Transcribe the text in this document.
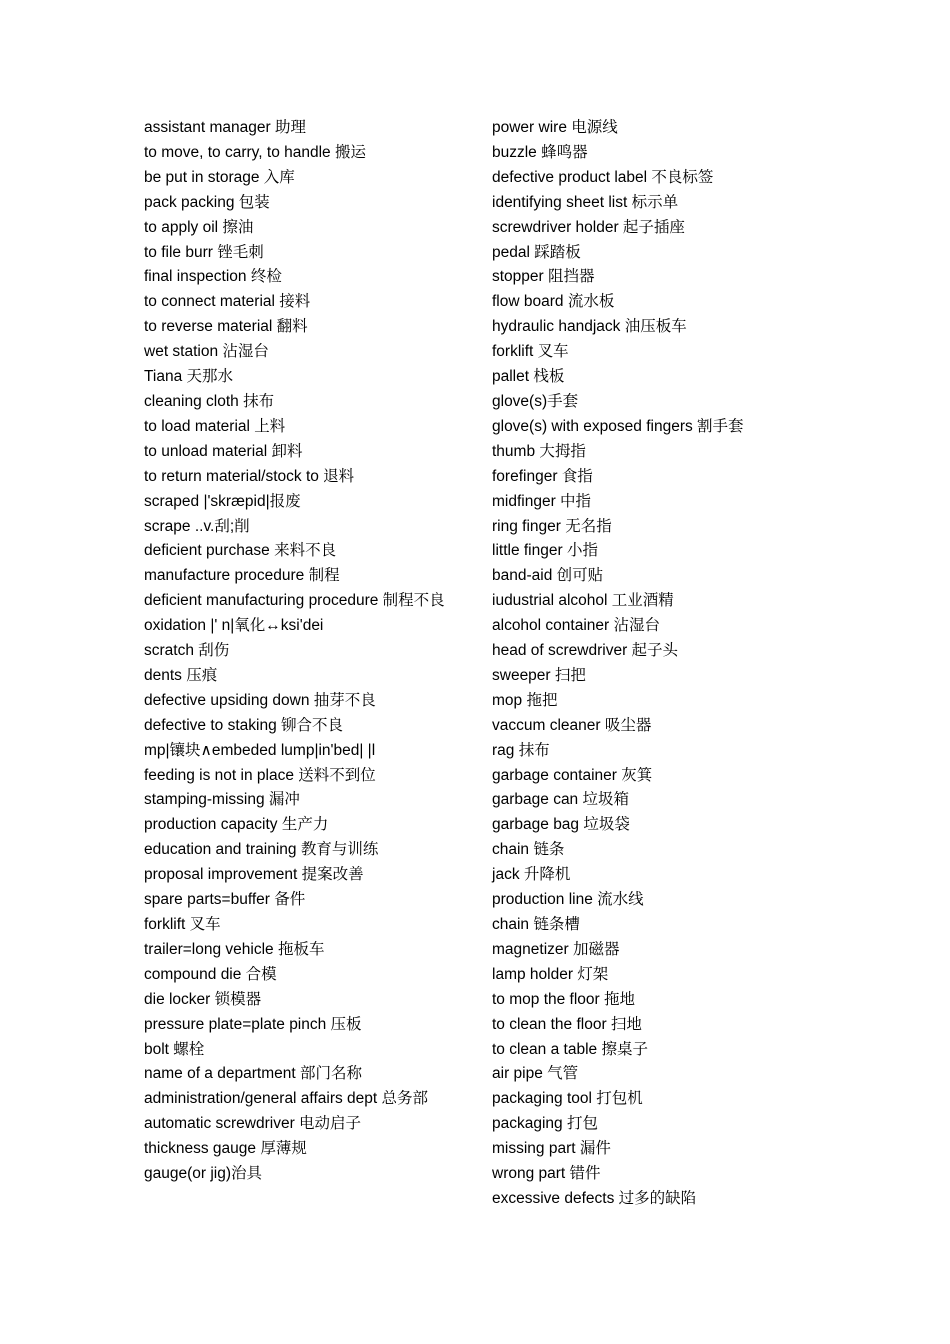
assistant manager 助理
to move, to carry, to handle 搬运
be put in storage 入库
pack packing 包装
to apply oil 擦油
to file burr 锉毛刺
final inspection 终检
to connect material 接料
to reverse material 翻料
wet station 沾湿台
Tiana 天那水
cleaning cloth 抹布
to load material 上料
to unload material 卸料
to return material/stock to 退料
scraped |'skræpid|报废
scrape ..v.刮;削
deficient purchase 来料不良
manufacture procedure 制程
deficient manufacturing procedure 制程不良
oxidation |' n|氧化↔ksi'dei
scratch 刮伤
dents 压痕
defective upsiding down 抽芽不良
defective to staking 铆合不良
mp|镶块∧embeded lump|in'bed| |l
feeding is not in place 送料不到位
stamping-missing 漏冲
production capacity 生产力
education and training 教育与训练
proposal improvement 提案改善
spare parts=buffer 备件
forklift 叉车
trailer=long vehicle 拖板车
compound die 合模
die locker 锁模器
pressure plate=plate pinch 压板
bolt 螺栓
name of a department 部门名称
administration/general affairs dept 总务部
automatic screwdriver 电动启子
thickness gauge 厚薄规
gauge(or jig)治具
power wire 电源线
buzzle 蜂鸣器
defective product label 不良标签
identifying sheet list 标示单
screwdriver holder 起子插座
pedal 踩踏板
stopper 阻挡器
flow board 流水板
hydraulic handjack 油压板车
forklift 叉车
pallet 栈板
glove(s)手套
glove(s) with exposed fingers 割手套
thumb 大拇指
forefinger 食指
midfinger 中指
ring finger 无名指
little finger 小指
band-aid 创可贴
iudustrial alcohol 工业酒精
alcohol container 沾湿台
head of screwdriver 起子头
sweeper 扫把
mop 拖把
vaccum cleaner 吸尘器
rag 抹布
garbage container 灰箕
garbage can 垃圾箱
garbage bag 垃圾袋
chain 链条
jack 升降机
production line 流水线
chain 链条槽
magnetizer 加磁器
lamp holder 灯架
to mop the floor 拖地
to clean the floor 扫地
to clean a table 擦桌子
air pipe 气管
packaging tool 打包机
packaging 打包
missing part 漏件
wrong part 错件
excessive defects 过多的缺陷
